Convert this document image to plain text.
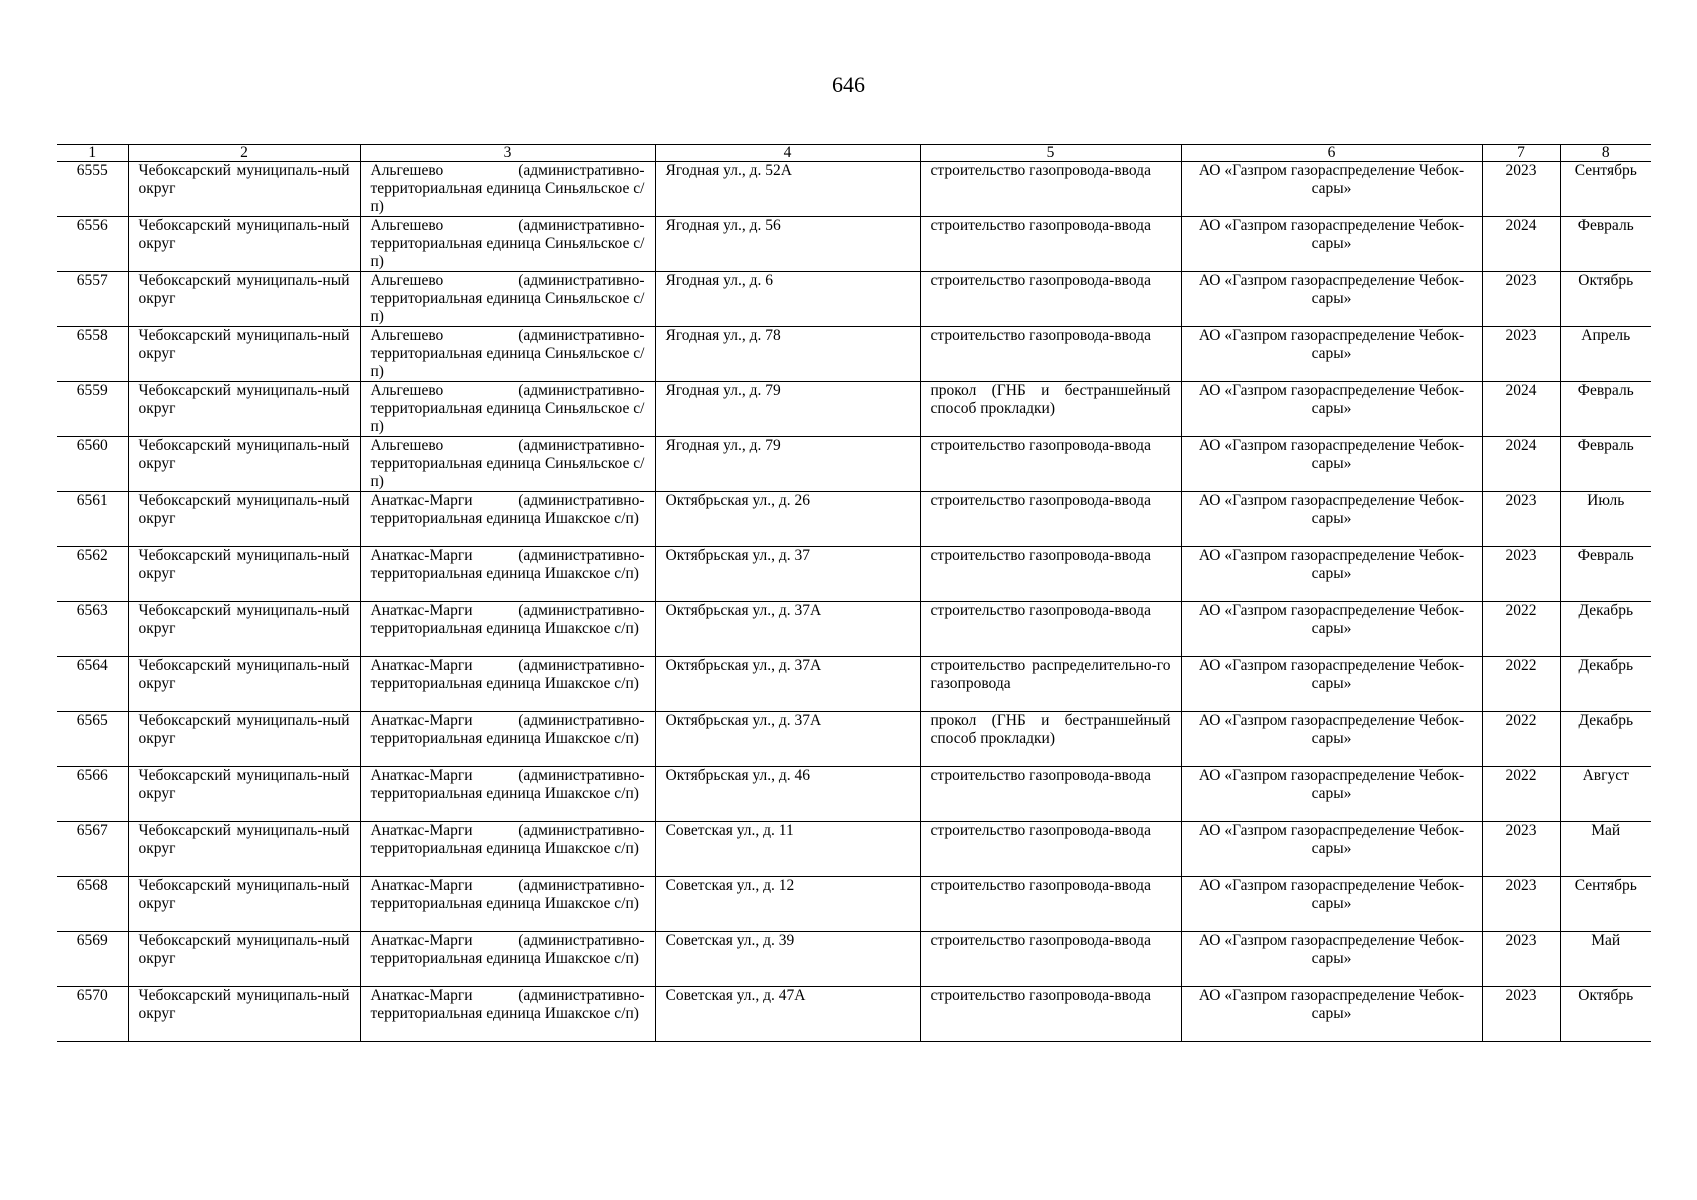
646
1	2	3	4	5	6	7	8
6555	Чебоксарский муниципаль-ный округ	Альгешево (административно-территориальная единица Синьяльское с/п)	Ягодная ул., д. 52А	строительство газопровода-ввода	АО «Газпром газораспределение Чебок-сары»	2023	Сентябрь
6556	Чебоксарский муниципаль-ный округ	Альгешево (административно-территориальная единица Синьяльское с/п)	Ягодная ул., д. 56	строительство газопровода-ввода	АО «Газпром газораспределение Чебок-сары»	2024	Февраль
6557	Чебоксарский муниципаль-ный округ	Альгешево (административно-территориальная единица Синьяльское с/п)	Ягодная ул., д. 6	строительство газопровода-ввода	АО «Газпром газораспределение Чебок-сары»	2023	Октябрь
6558	Чебоксарский муниципаль-ный округ	Альгешево (административно-территориальная единица Синьяльское с/п)	Ягодная ул., д. 78	строительство газопровода-ввода	АО «Газпром газораспределение Чебок-сары»	2023	Апрель
6559	Чебоксарский муниципаль-ный округ	Альгешево (административно-территориальная единица Синьяльское с/п)	Ягодная ул., д. 79	прокол (ГНБ и бестраншейный способ прокладки)	АО «Газпром газораспределение Чебок-сары»	2024	Февраль
6560	Чебоксарский муниципаль-ный округ	Альгешево (административно-территориальная единица Синьяльское с/п)	Ягодная ул., д. 79	строительство газопровода-ввода	АО «Газпром газораспределение Чебок-сары»	2024	Февраль
6561	Чебоксарский муниципаль-ный округ	Анаткас-Марги (административно-территориальная единица Ишакское с/п)	Октябрьская ул., д. 26	строительство газопровода-ввода	АО «Газпром газораспределение Чебок-сары»	2023	Июль
6562	Чебоксарский муниципаль-ный округ	Анаткас-Марги (административно-территориальная единица Ишакское с/п)	Октябрьская ул., д. 37	строительство газопровода-ввода	АО «Газпром газораспределение Чебок-сары»	2023	Февраль
6563	Чебоксарский муниципаль-ный округ	Анаткас-Марги (административно-территориальная единица Ишакское с/п)	Октябрьская ул., д. 37А	строительство газопровода-ввода	АО «Газпром газораспределение Чебок-сары»	2022	Декабрь
6564	Чебоксарский муниципаль-ный округ	Анаткас-Марги (административно-территориальная единица Ишакское с/п)	Октябрьская ул., д. 37А	строительство распределительно-го газопровода	АО «Газпром газораспределение Чебок-сары»	2022	Декабрь
6565	Чебоксарский муниципаль-ный округ	Анаткас-Марги (административно-территориальная единица Ишакское с/п)	Октябрьская ул., д. 37А	прокол (ГНБ и бестраншейный способ прокладки)	АО «Газпром газораспределение Чебок-сары»	2022	Декабрь
6566	Чебоксарский муниципаль-ный округ	Анаткас-Марги (административно-территориальная единица Ишакское с/п)	Октябрьская ул., д. 46	строительство газопровода-ввода	АО «Газпром газораспределение Чебок-сары»	2022	Август
6567	Чебоксарский муниципаль-ный округ	Анаткас-Марги (административно-территориальная единица Ишакское с/п)	Советская ул., д. 11	строительство газопровода-ввода	АО «Газпром газораспределение Чебок-сары»	2023	Май
6568	Чебоксарский муниципаль-ный округ	Анаткас-Марги (административно-территориальная единица Ишакское с/п)	Советская ул., д. 12	строительство газопровода-ввода	АО «Газпром газораспределение Чебок-сары»	2023	Сентябрь
6569	Чебоксарский муниципаль-ный округ	Анаткас-Марги (административно-территориальная единица Ишакское с/п)	Советская ул., д. 39	строительство газопровода-ввода	АО «Газпром газораспределение Чебок-сары»	2023	Май
6570	Чебоксарский муниципаль-ный округ	Анаткас-Марги (административно-территориальная единица Ишакское с/п)	Советская ул., д. 47А	строительство газопровода-ввода	АО «Газпром газораспределение Чебок-сары»	2023	Октябрь
